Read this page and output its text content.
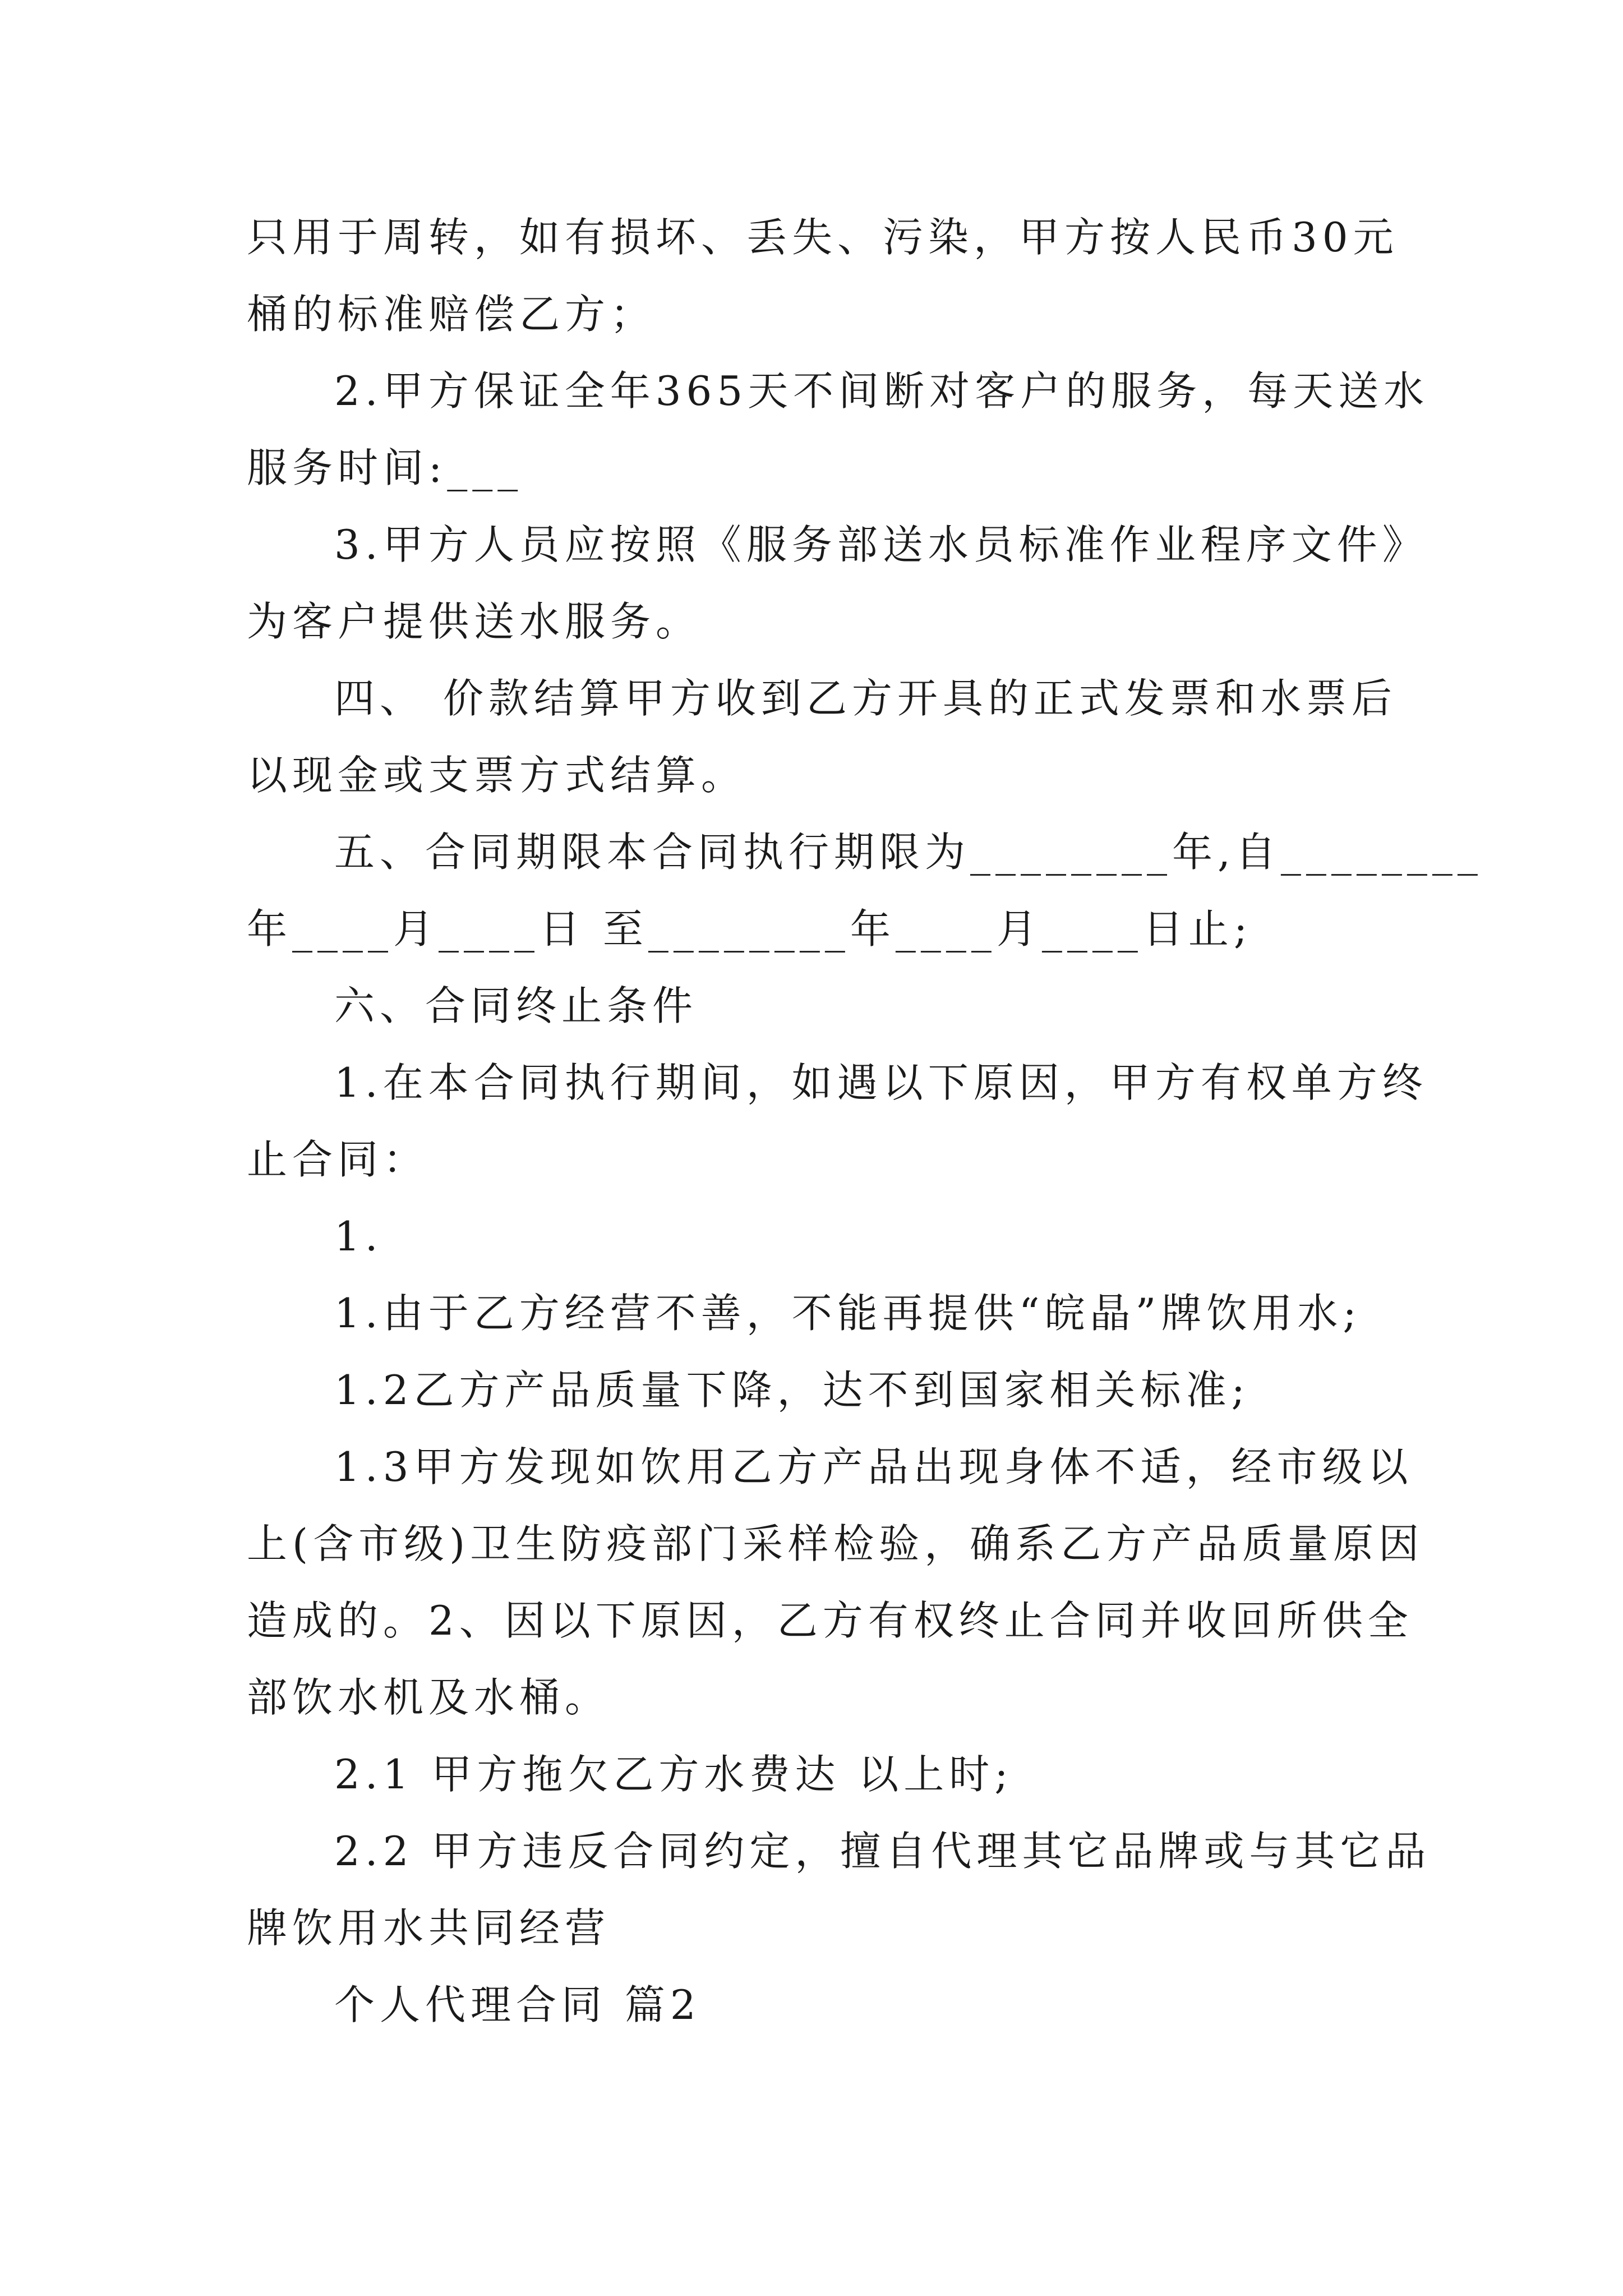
只用于周转，如有损坏、丢失、污染，甲方按人民币30元
桶的标准赔偿乙方；
2.甲方保证全年365天不间断对客户的服务，每天送水
服务时间:___
3.甲方人员应按照《服务部送水员标准作业程序文件》
为客户提供送水服务。
四、 价款结算甲方收到乙方开具的正式发票和水票后
以现金或支票方式结算。
五、合同期限本合同执行期限为________年,自________
年____月____日 至________年____月____日止;
六、合同终止条件
1.在本合同执行期间，如遇以下原因，甲方有权单方终
止合同：
1.
1.由于乙方经营不善，不能再提供“皖晶”牌饮用水;
1.2乙方产品质量下降，达不到国家相关标准;
1.3甲方发现如饮用乙方产品出现身体不适，经市级以
上(含市级)卫生防疫部门采样检验，确系乙方产品质量原因
造成的。2、因以下原因，乙方有权终止合同并收回所供全
部饮水机及水桶。
2.1 甲方拖欠乙方水费达 以上时;
2.2 甲方违反合同约定，擅自代理其它品牌或与其它品
牌饮用水共同经营
个人代理合同 篇2
